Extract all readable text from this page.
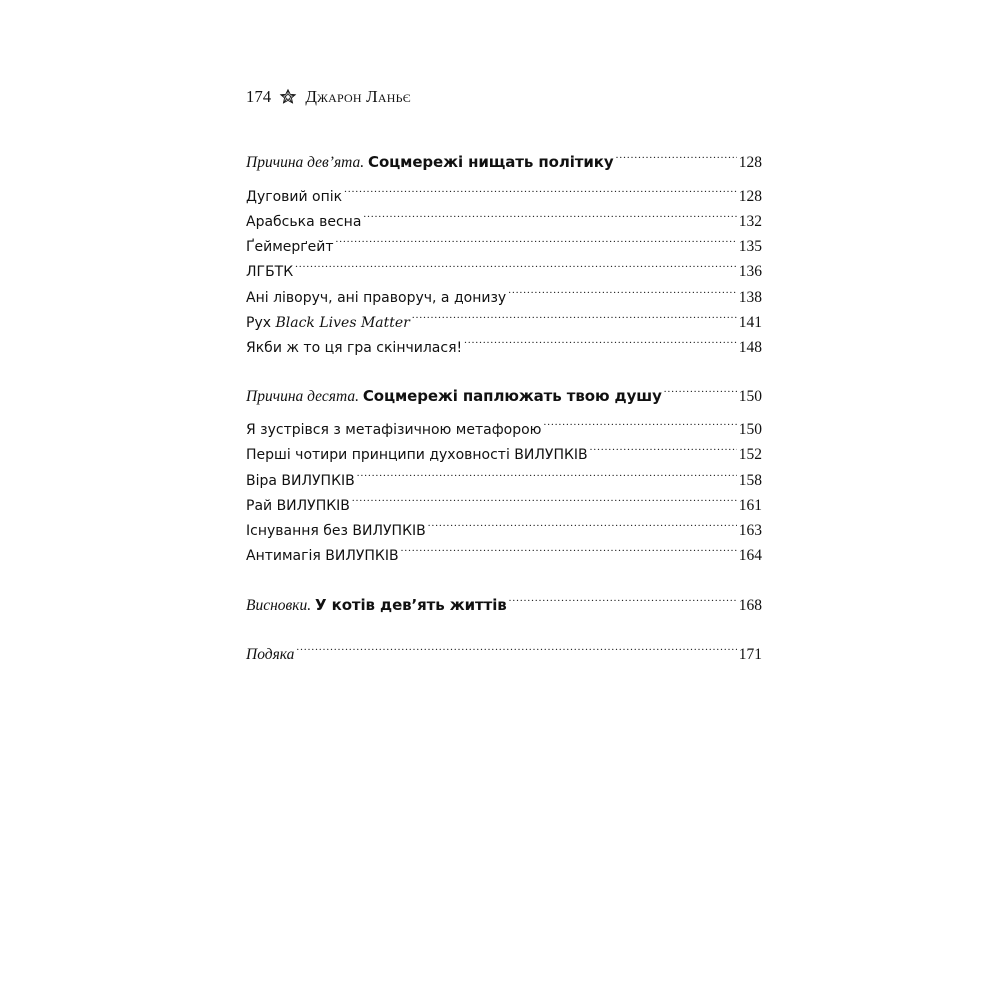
174 Джарон Ланьє
Причина дев’ята. Соцмережі нищать політику .....	128
Дуговий опік .....	128
Арабська весна .....	132
Ґеймерґейт .....	135
ЛГБТК .....	136
Ані ліворуч, ані праворуч, а донизу .....	138
Рух Black Lives Matter .....	141
Якби ж то ця гра скінчилася! .....	148
Причина десята. Соцмережі паплюжать твою душу .....	150
Я зустрівся з метафізичною метафорою .....	150
Перші чотири принципи духовності ВИЛУПКІВ .....	152
Віра ВИЛУПКІВ .....	158
Рай ВИЛУПКІВ .....	161
Існування без ВИЛУПКІВ .....	163
Антимагія ВИЛУПКІВ .....	164
Висновки. У котів дев’ять життів .....	168
Подяка .....	171
